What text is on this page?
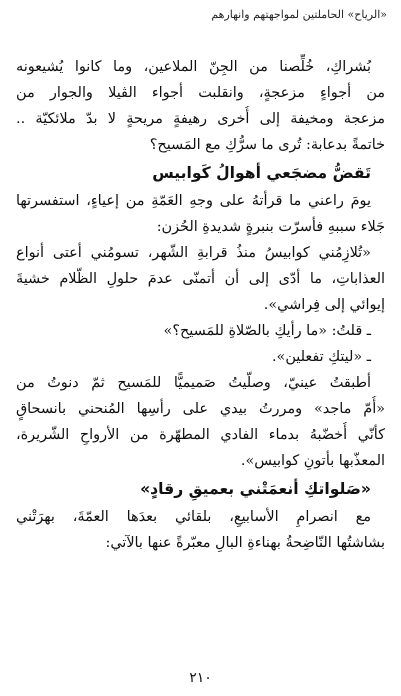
«الرياح» الحاملتين لمواجهتهم وانهارهم
بُشراكِ، خُلِّصنا من الجِنّ الملاعين، وما كانوا يُشيعونه
من أجواءٍ مزعجةٍ، وانقلبت أجواء الڤيلا والجوار من
مزعجة ومخيفة إلى أُخرى رهيفةٍ مريحةٍ لا بدّ ملائكيّة ..
خاتمةً بدعابة: تُرى ما سرُّكِ مع المَسيح؟
تَقضُّ مضجَعي أهوالُ كَوابيس
يومَ راعني ما قرأتهُ على وجهِ العَمّةِ من إعياءٍ، استفسرتها
جَلاء سببهِ فأسرّت بنبرةٍ شديدةِ الحُزن:
«تُلازِمُني كوابيسُ منذُ قرابةِ الشّهر، تسومُني أعتى أنواع
العذاباتِ، ما أدّى إلى أن أتمنّى عدمَ حلولِ الظّلام خشيةَ
إيوائي إلى فِراشي».
ـ قلتُ: «ما رأيكِ بالصّلاةِ للمَسيح؟»
ـ «ليتكِ تفعلين».
أطبقتُ عينيّ، وصلّيتُ صَميميًّا للمَسيح ثمّ دنوتُ من
«أُمّ ماجد» ومررتُ بيدي على رأسِها المُنحني بانسحاقٍ
كأنّي أُخضّبهُ بدماء الفادي المطهّرة من الأرواحِ الشّريرة،
المعذّبها بأتونِ كوابيس».
«صَلواتكِ أنعمَتْني بعميقِ رقادٍ»
مع انصرامِ الأسابيعِ، بلقائي بعدَها العمّةَ، بهرَتْني
بشاشتُها النّاضِحةُ بهناءةِ البالِ معبّرةً عنها بالآتي:
٢١٠
